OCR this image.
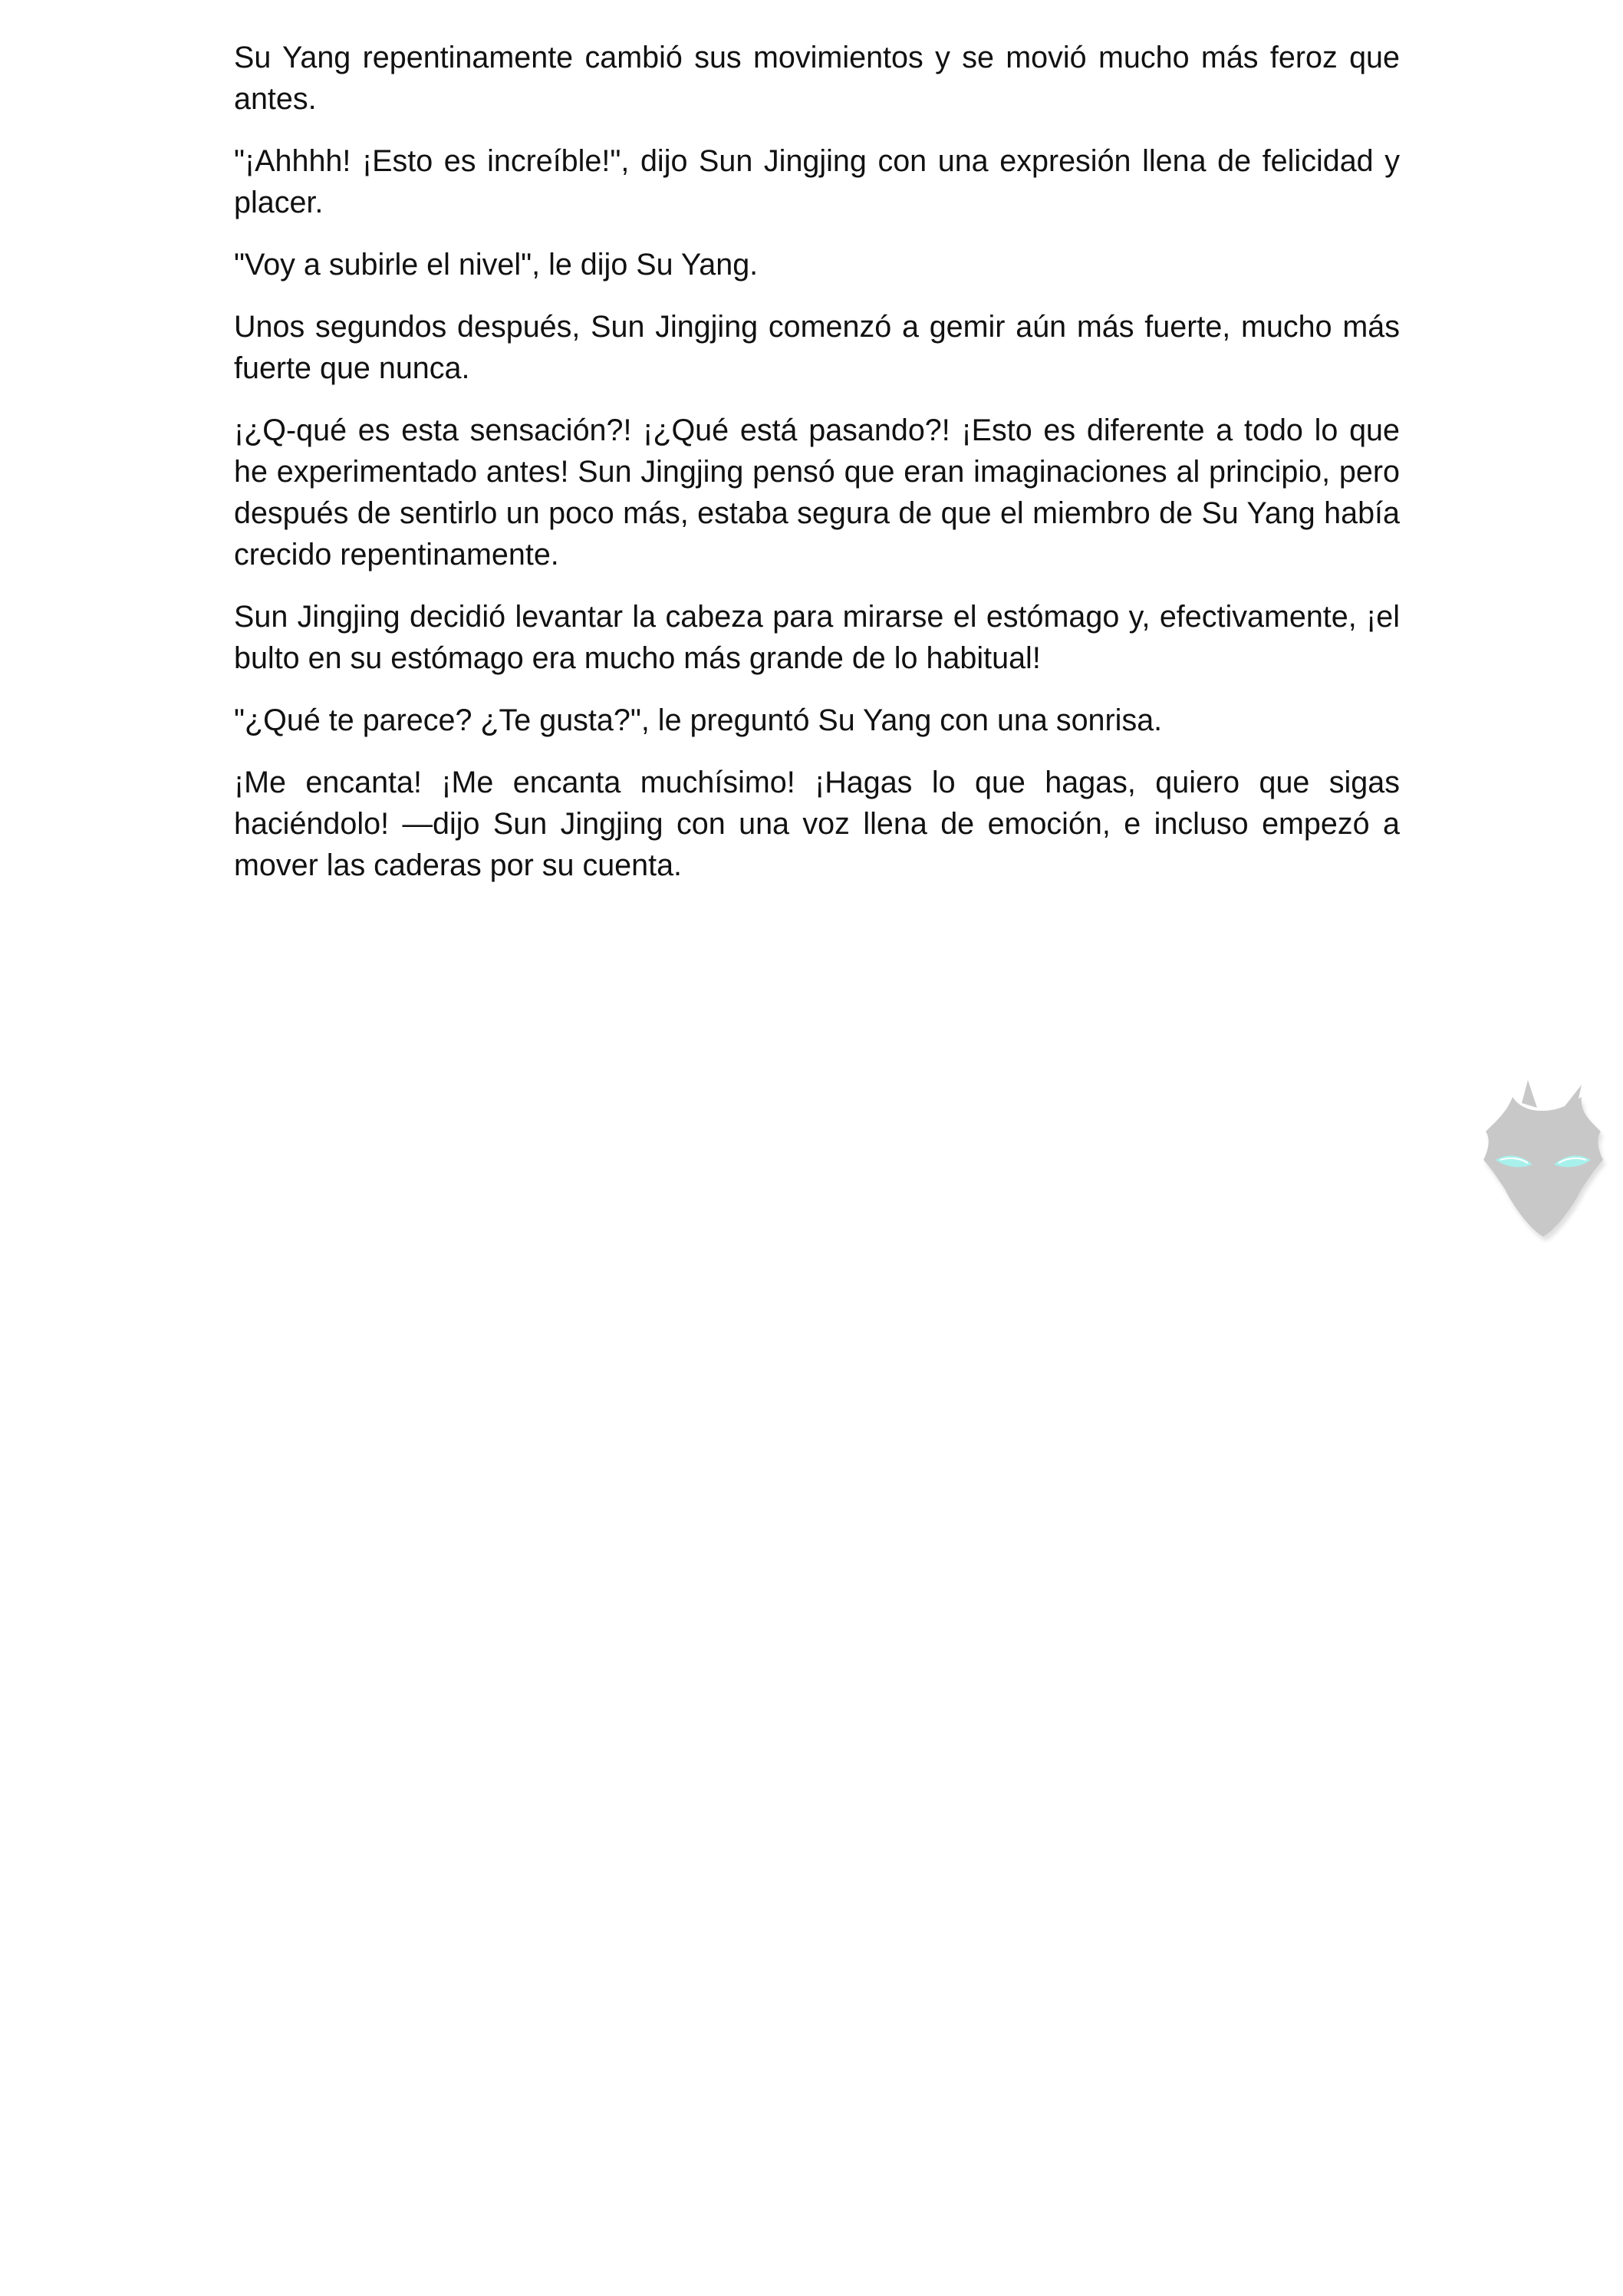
Su Yang repentinamente cambió sus movimientos y se movió mucho más feroz que antes.

"¡Ahhhh! ¡Esto es increíble!", dijo Sun Jingjing con una expresión llena de felicidad y placer.

"Voy a subirle el nivel", le dijo Su Yang.

Unos segundos después, Sun Jingjing comenzó a gemir aún más fuerte, mucho más fuerte que nunca.

¡¿Q-qué es esta sensación?! ¡¿Qué está pasando?! ¡Esto es diferente a todo lo que he experimentado antes! Sun Jingjing pensó que eran imaginaciones al principio, pero después de sentirlo un poco más, estaba segura de que el miembro de Su Yang había crecido repentinamente.

Sun Jingjing decidió levantar la cabeza para mirarse el estómago y, efectivamente, ¡el bulto en su estómago era mucho más grande de lo habitual!

"¿Qué te parece? ¿Te gusta?", le preguntó Su Yang con una sonrisa.

¡Me encanta! ¡Me encanta muchísimo! ¡Hagas lo que hagas, quiero que sigas haciéndolo! —dijo Sun Jingjing con una voz llena de emoción, e incluso empezó a mover las caderas por su cuenta.
